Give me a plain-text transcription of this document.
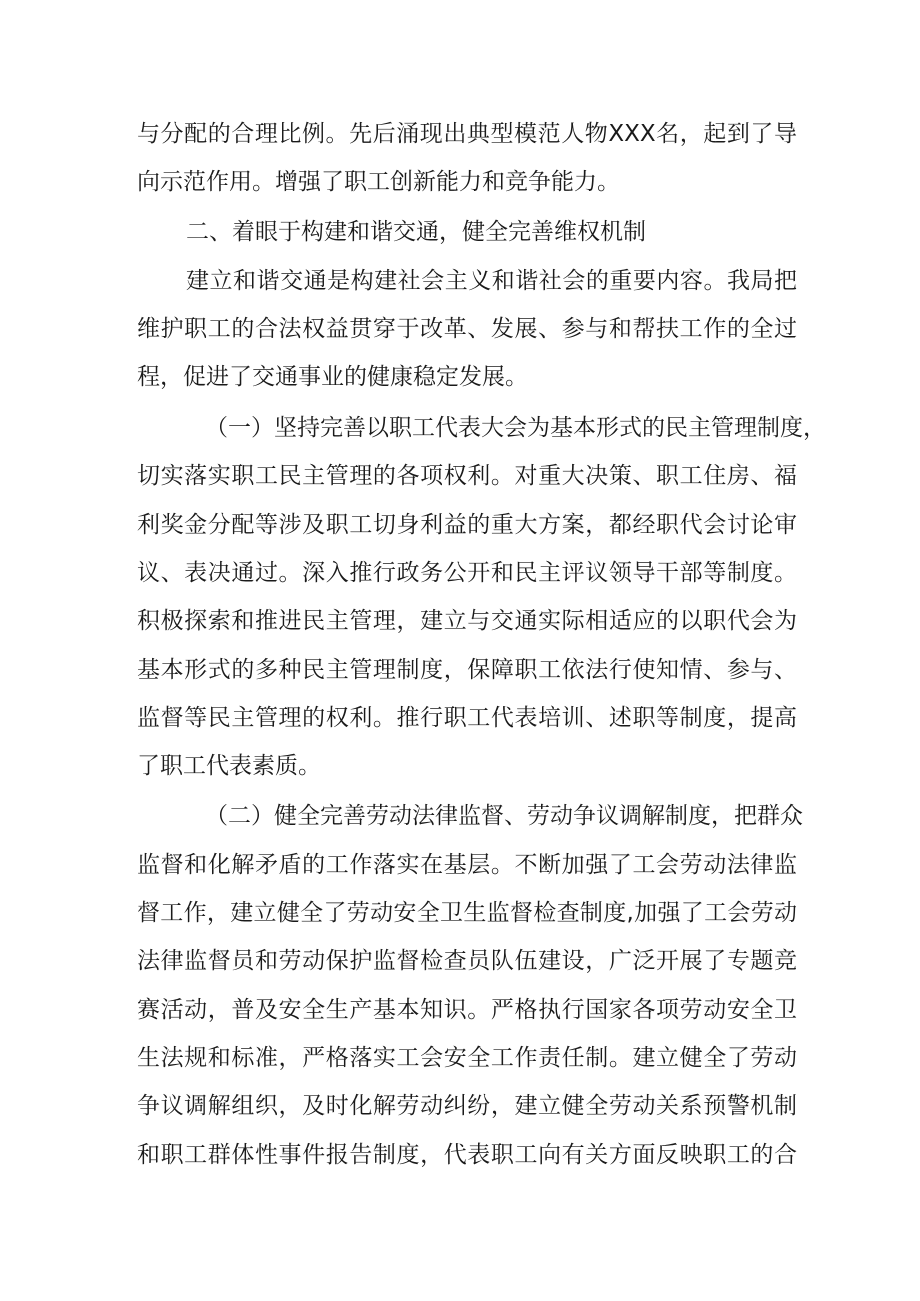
与分配的合理比例。先后涌现出典型模范人物XXX名，起到了导

向示范作用。增强了职工创新能力和竞争能力。

二、着眼于构建和谐交通，健全完善维权机制

建立和谐交通是构建社会主义和谐社会的重要内容。我局把

维护职工的合法权益贯穿于改革、发展、参与和帮扶工作的全过

程，促进了交通事业的健康稳定发展。

（一）坚持完善以职工代表大会为基本形式的民主管理制度，

切实落实职工民主管理的各项权利。对重大决策、职工住房、福

利奖金分配等涉及职工切身利益的重大方案，都经职代会讨论审

议、表决通过。深入推行政务公开和民主评议领导干部等制度。

积极探索和推进民主管理，建立与交通实际相适应的以职代会为

基本形式的多种民主管理制度，保障职工依法行使知情、参与、

监督等民主管理的权利。推行职工代表培训、述职等制度，提高

了职工代表素质。

（二）健全完善劳动法律监督、劳动争议调解制度，把群众

监督和化解矛盾的工作落实在基层。不断加强了工会劳动法律监

督工作，建立健全了劳动安全卫生监督检查制度,加强了工会劳动

法律监督员和劳动保护监督检查员队伍建设，广泛开展了专题竞

赛活动，普及安全生产基本知识。严格执行国家各项劳动安全卫

生法规和标准，严格落实工会安全工作责任制。建立健全了劳动

争议调解组织，及时化解劳动纠纷，建立健全劳动关系预警机制

和职工群体性事件报告制度，代表职工向有关方面反映职工的合
